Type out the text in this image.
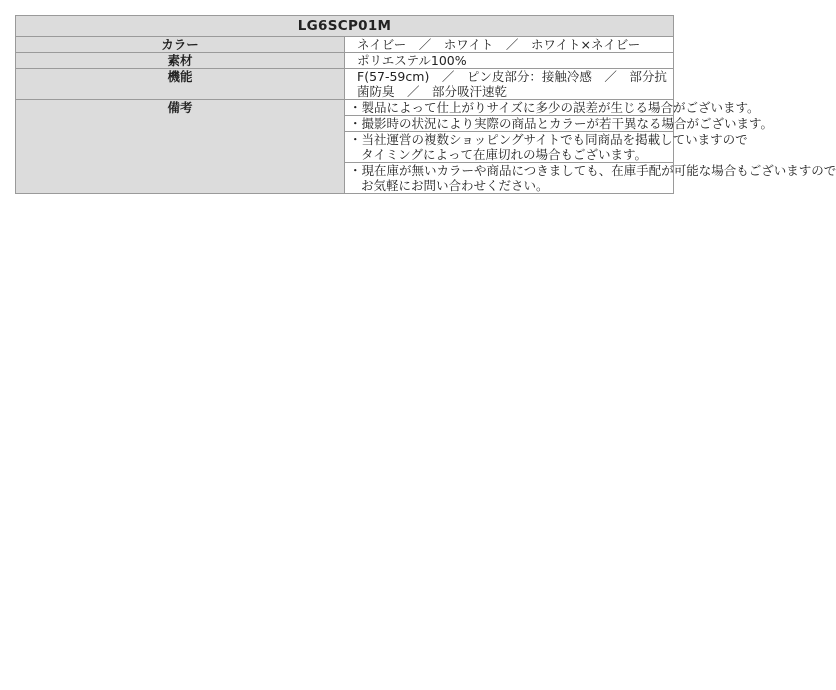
LG6SCP01M	
カラー	ネイビー　／　ホワイト　／　ホワイト×ネイビー
素材	ポリエステル100%
機能	F(57-59cm)　／　ピン皮部分：接触冷感　／　部分抗菌防臭　／　部分吸汗速乾
備考	・製品によって仕上がりサイズに多少の誤差が生じる場合がございます。

	・撮影時の状況により実際の商品とカラーが若干異なる場合がございます。

	・当社運営の複数ショッピングサイトでも同商品を掲載していますので
タイミングによって在庫切れの場合もございます。

	・現在庫が無いカラーや商品につきましても、在庫手配が可能な場合もございますので
お気軽にお問い合わせください。
